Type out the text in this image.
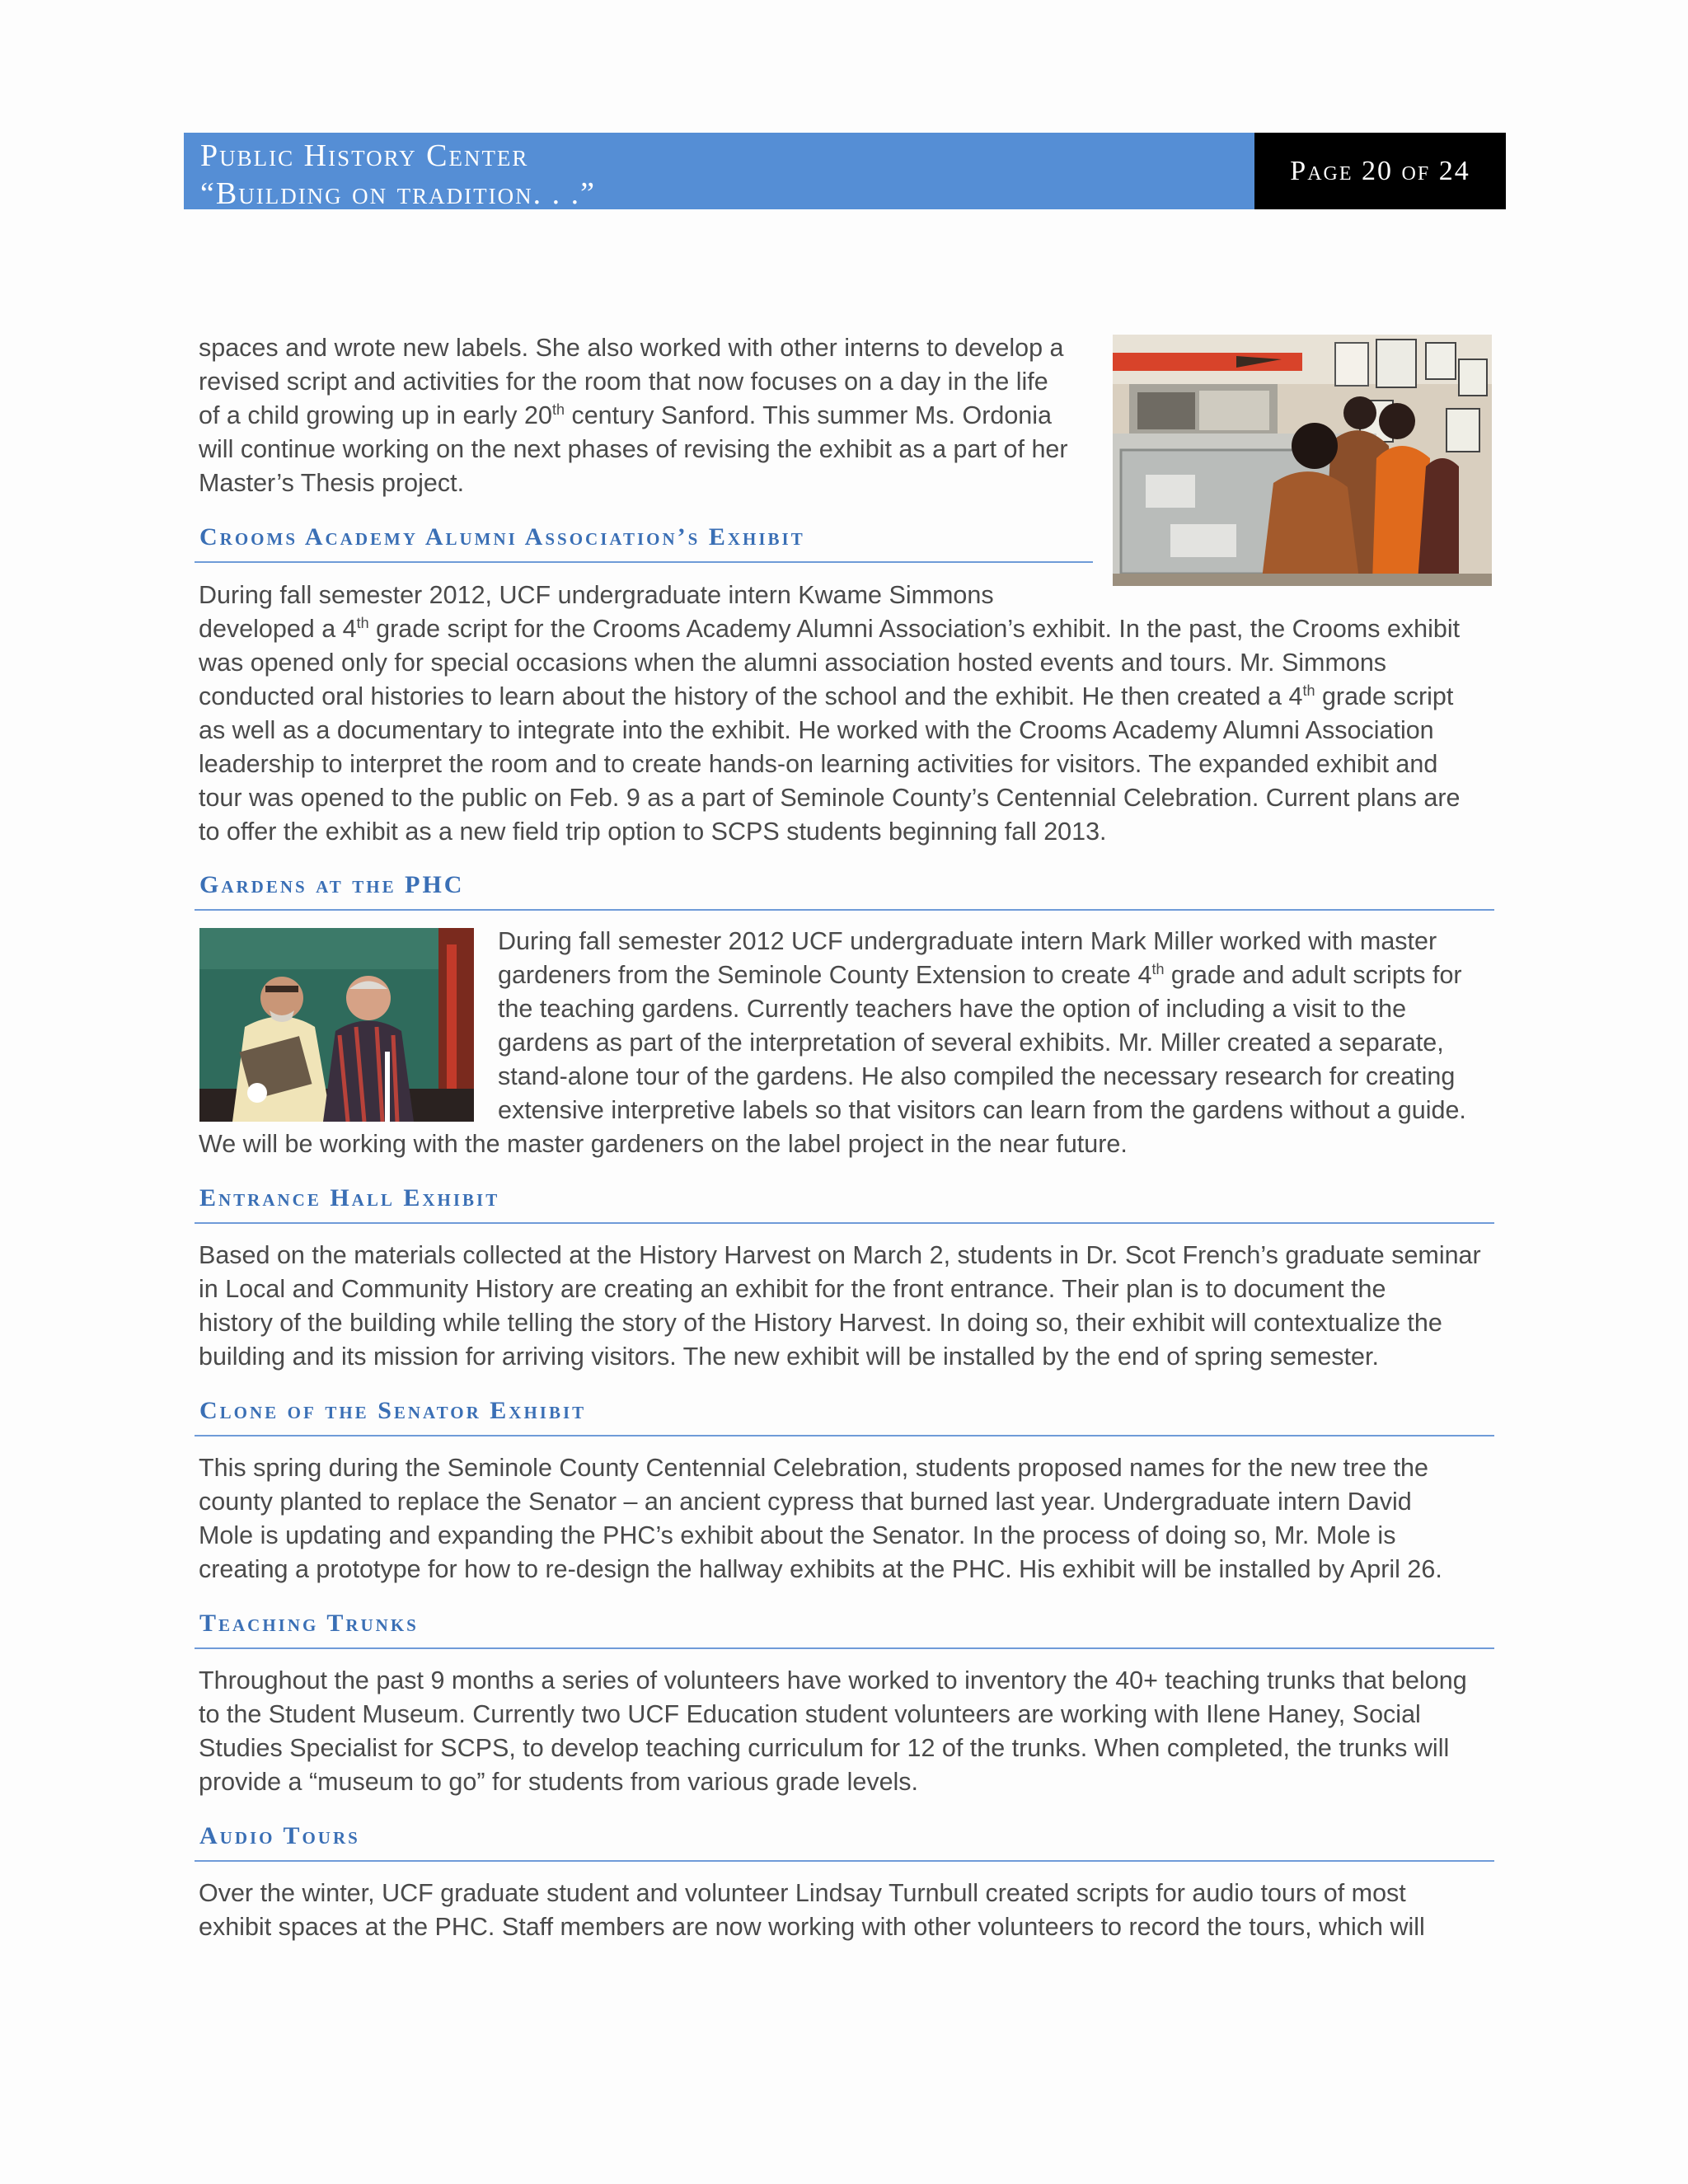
Public History Center
“Building on tradition. . .”
Page 20 of 24
spaces and wrote new labels. She also worked with other interns to develop a
revised script and activities for the room that now focuses on a day in the life
of a child growing up in early 20th century Sanford. This summer Ms. Ordonia
will continue working on the next phases of revising the exhibit as a part of her
Master’s Thesis project.
Crooms Academy Alumni Association’s Exhibit
During fall semester 2012, UCF undergraduate intern Kwame Simmons
developed a 4th grade script for the Crooms Academy Alumni Association’s exhibit. In the past, the Crooms exhibit
was opened only for special occasions when the alumni association hosted events and tours. Mr. Simmons
conducted oral histories to learn about the history of the school and the exhibit. He then created a 4th grade script
as well as a documentary to integrate into the exhibit. He worked with the Crooms Academy Alumni Association
leadership to interpret the room and to create hands-on learning activities for visitors. The expanded exhibit and
tour was opened to the public on Feb. 9 as a part of Seminole County’s Centennial Celebration. Current plans are
to offer the exhibit as a new field trip option to SCPS students beginning fall 2013.
Gardens at the PHC
During fall semester 2012 UCF undergraduate intern Mark Miller worked with master
gardeners from the Seminole County Extension to create 4th grade and adult scripts for
the teaching gardens. Currently teachers have the option of including a visit to the
gardens as part of the interpretation of several exhibits. Mr. Miller created a separate,
stand-alone tour of the gardens. He also compiled the necessary research for creating
extensive interpretive labels so that visitors can learn from the gardens without a guide.
We will be working with the master gardeners on the label project in the near future.
Entrance Hall Exhibit
Based on the materials collected at the History Harvest on March 2, students in Dr. Scot French’s graduate seminar
in Local and Community History are creating an exhibit for the front entrance. Their plan is to document the
history of the building while telling the story of the History Harvest. In doing so, their exhibit will contextualize the
building and its mission for arriving visitors. The new exhibit will be installed by the end of spring semester.
Clone of the Senator Exhibit
This spring during the Seminole County Centennial Celebration, students proposed names for the new tree the
county planted to replace the Senator – an ancient cypress that burned last year. Undergraduate intern David
Mole is updating and expanding the PHC’s exhibit about the Senator. In the process of doing so, Mr. Mole is
creating a prototype for how to re-design the hallway exhibits at the PHC. His exhibit will be installed by April 26.
Teaching Trunks
Throughout the past 9 months a series of volunteers have worked to inventory the 40+ teaching trunks that belong
to the Student Museum. Currently two UCF Education student volunteers are working with Ilene Haney, Social
Studies Specialist for SCPS, to develop teaching curriculum for 12 of the trunks. When completed, the trunks will
provide a “museum to go” for students from various grade levels.
Audio Tours
Over the winter, UCF graduate student and volunteer Lindsay Turnbull created scripts for audio tours of most
exhibit spaces at the PHC. Staff members are now working with other volunteers to record the tours, which will
